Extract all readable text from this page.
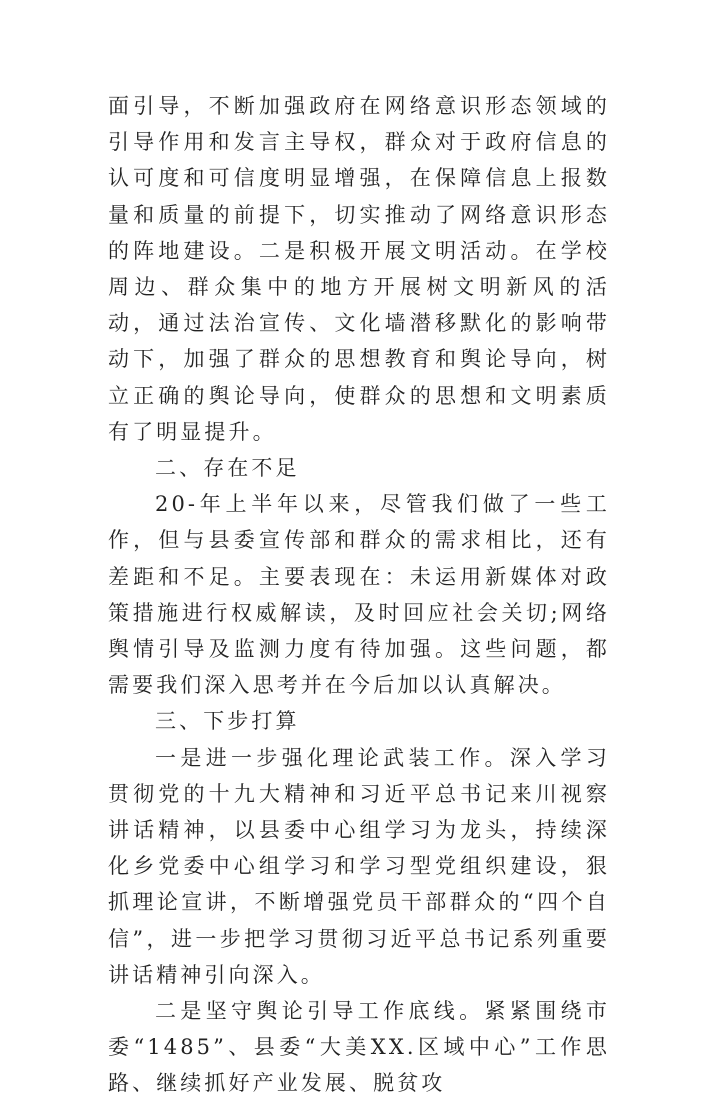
面引导，不断加强政府在网络意识形态领域的引导作用和发言主导权，群众对于政府信息的认可度和可信度明显增强，在保障信息上报数量和质量的前提下，切实推动了网络意识形态的阵地建设。二是积极开展文明活动。在学校周边、群众集中的地方开展树文明新风的活动，通过法治宣传、文化墙潜移默化的影响带动下，加强了群众的思想教育和舆论导向，树立正确的舆论导向，使群众的思想和文明素质有了明显提升。

二、存在不足

20-年上半年以来，尽管我们做了一些工作，但与县委宣传部和群众的需求相比，还有差距和不足。主要表现在：未运用新媒体对政策措施进行权威解读，及时回应社会关切;网络舆情引导及监测力度有待加强。这些问题，都需要我们深入思考并在今后加以认真解决。

三、下步打算

一是进一步强化理论武装工作。深入学习贯彻党的十九大精神和习近平总书记来川视察讲话精神，以县委中心组学习为龙头，持续深化乡党委中心组学习和学习型党组织建设，狠抓理论宣讲，不断增强党员干部群众的“四个自信”，进一步把学习贯彻习近平总书记系列重要讲话精神引向深入。

二是坚守舆论引导工作底线。紧紧围绕市委“1485”、县委“大美XX.区域中心”工作思路、继续抓好产业发展、脱贫攻
